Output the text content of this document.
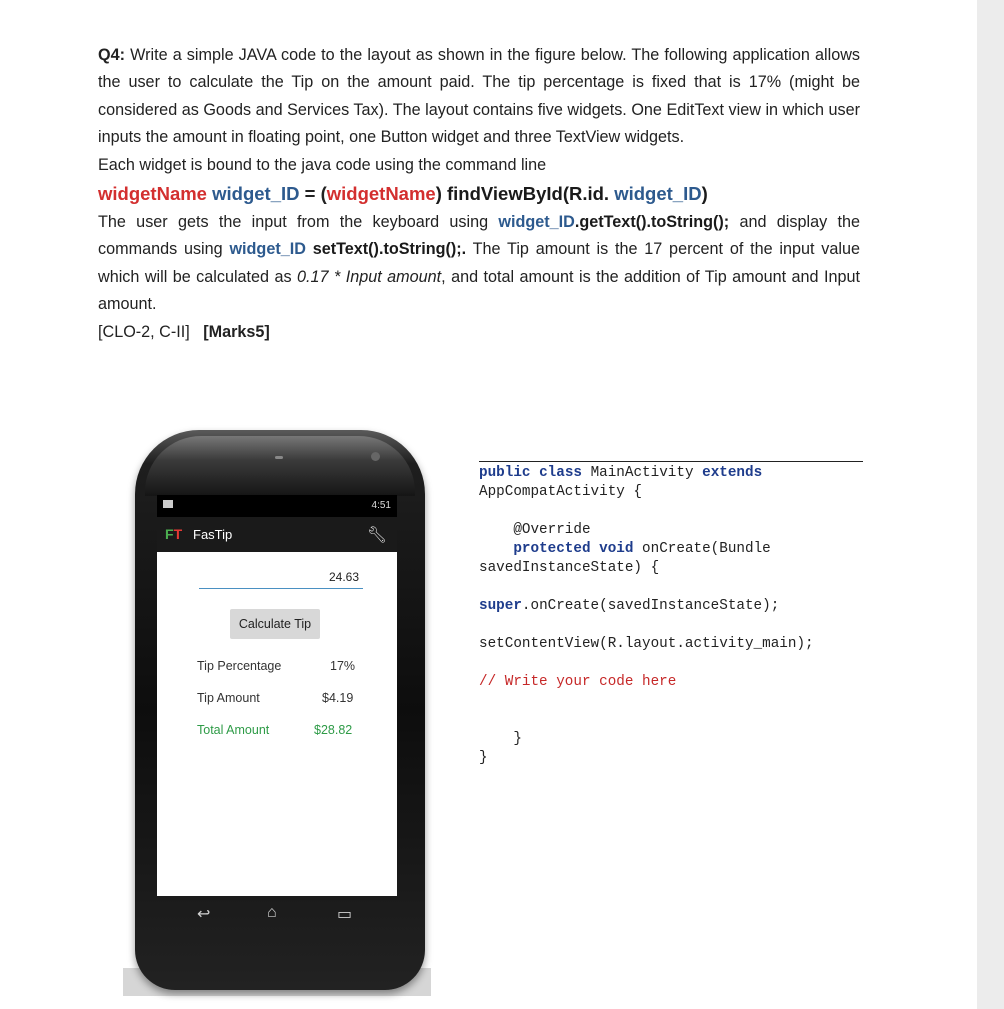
Q4: Write a simple JAVA code to the layout as shown in the figure below. The following application allows the user to calculate the Tip on the amount paid. The tip percentage is fixed that is 17% (might be considered as Goods and Services Tax). The layout contains five widgets. One EditText view in which user inputs the amount in floating point, one Button widget and three TextView widgets.

Each widget is bound to the java code using the command line

widgetName widget_ID = (widgetName) findViewById(R.id. widget_ID)

The user gets the input from the keyboard using widget_ID.getText().toString(); and display the commands using widget_ID setText().toString();. The Tip amount is the 17 percent of the input value which will be calculated as 0.17 * Input amount, and total amount is the addition of Tip amount and Input amount.

[CLO-2, C-II] [Marks5]

4:51
FT FasTip	🔧︎
24.63
Calculate Tip
Tip Percentage	17%
Tip Amount	$4.19
Total Amount	$28.82
↩	⌂	▭
public class MainActivity extends
AppCompatActivity {
@Override
protected void onCreate(Bundle
savedInstanceState) {
super.onCreate(savedInstanceState);
setContentView(R.layout.activity_main);
// Write your code here
}
}
